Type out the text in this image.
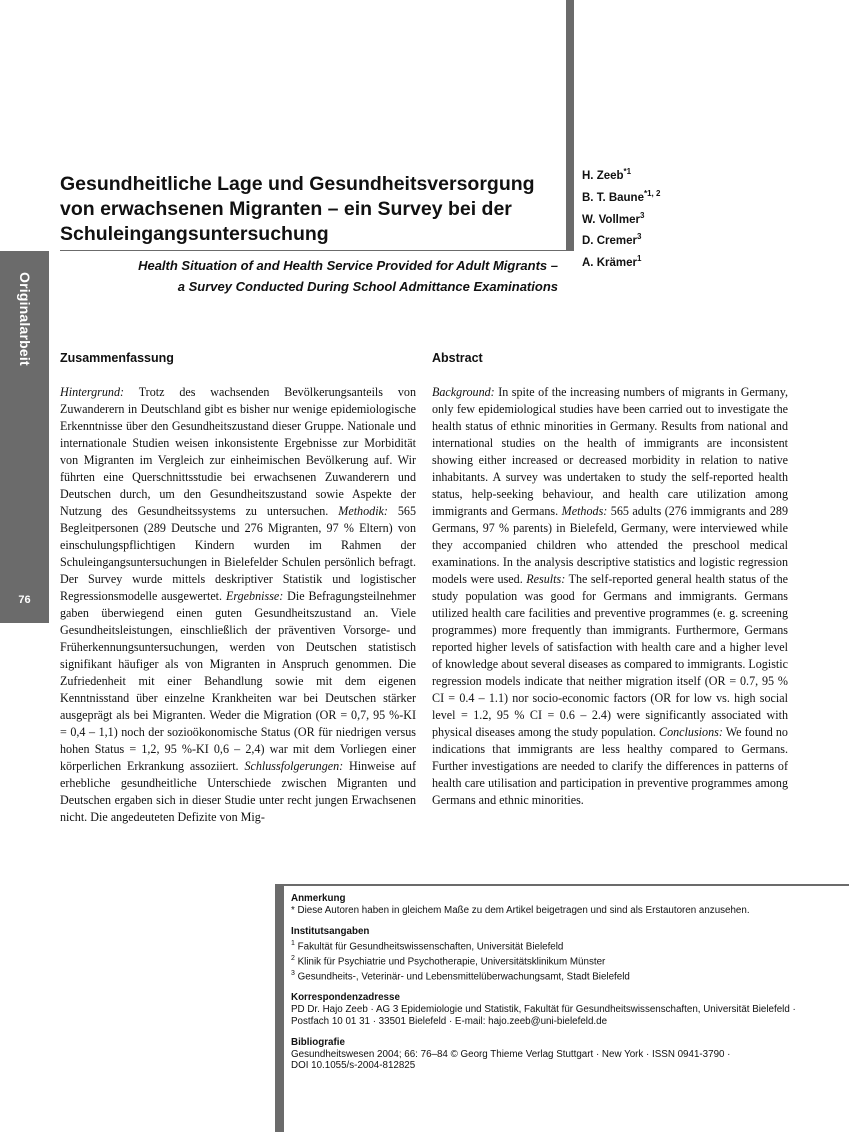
Originalarbeit
76
Gesundheitliche Lage und Gesundheitsversorgung von erwachsenen Migranten – ein Survey bei der Schuleingangsuntersuchung
H. Zeeb$^{*1}$
B. T. Baune$^{*1, 2}$
W. Vollmer$^3$
D. Cremer$^3$
A. Krämer$^1$
Health Situation of and Health Service Provided for Adult Migrants –
a Survey Conducted During School Admittance Examinations
Zusammenfassung

Hintergrund: Trotz des wachsenden Bevölkerungsanteils von Zuwanderern in Deutschland gibt es bisher nur wenige epidemiologische Erkenntnisse über den Gesundheitszustand dieser Gruppe. Nationale und internationale Studien weisen inkonsistente Ergebnisse zur Morbidität von Migranten im Vergleich zur einheimischen Bevölkerung auf. Wir führten eine Querschnittsstudie bei erwachsenen Zuwanderern und Deutschen durch, um den Gesundheitszustand sowie Aspekte der Nutzung des Gesundheitssystems zu untersuchen. Methodik: 565 Begleitpersonen (289 Deutsche und 276 Migranten, 97 % Eltern) von einschulungspflichtigen Kindern wurden im Rahmen der Schuleingangsuntersuchungen in Bielefelder Schulen persönlich befragt. Der Survey wurde mittels deskriptiver Statistik und logistischer Regressionsmodelle ausgewertet. Ergebnisse: Die Befragungsteilnehmer gaben überwiegend einen guten Gesundheitszustand an. Viele Gesundheitsleistungen, einschließlich der präventiven Vorsorge- und Früherkennungsuntersuchungen, werden von Deutschen statistisch signifikant häufiger als von Migranten in Anspruch genommen. Die Zufriedenheit mit einer Behandlung sowie mit dem eigenen Kenntnisstand über einzelne Krankheiten war bei Deutschen stärker ausgeprägt als bei Migranten. Weder die Migration (OR = 0,7, 95 %-KI = 0,4 – 1,1) noch der sozioökonomische Status (OR für niedrigen versus hohen Status = 1,2, 95 %-KI 0,6 – 2,4) war mit dem Vorliegen einer körperlichen Erkrankung assoziiert. Schlussfolgerungen: Hinweise auf erhebliche gesundheitliche Unterschiede zwischen Migranten und Deutschen ergaben sich in dieser Studie unter recht jungen Erwachsenen nicht. Die angedeuteten Defizite von Mig-

Abstract

Background: In spite of the increasing numbers of migrants in Germany, only few epidemiological studies have been carried out to investigate the health status of ethnic minorities in Germany. Results from national and international studies on the health of immigrants are inconsistent showing either increased or decreased morbidity in relation to native inhabitants. A survey was undertaken to study the self-reported health status, help-seeking behaviour, and health care utilization among immigrants and Germans. Methods: 565 adults (276 immigrants and 289 Germans, 97 % parents) in Bielefeld, Germany, were interviewed while they accompanied children who attended the preschool medical examinations. In the analysis descriptive statistics and logistic regression models were used. Results: The self-reported general health status of the study population was good for Germans and immigrants. Germans utilized health care facilities and preventive programmes (e. g. screening programmes) more frequently than immigrants. Furthermore, Germans reported higher levels of satisfaction with health care and a higher level of knowledge about several diseases as compared to immigrants. Logistic regression models indicate that neither migration itself (OR = 0.7, 95 % CI = 0.4 – 1.1) nor socio-economic factors (OR for low vs. high social level = 1.2, 95 % CI = 0.6 – 2.4) were significantly associated with physical diseases among the study population. Conclusions: We found no indications that immigrants are less healthy compared to Germans. Further investigations are needed to clarify the differences in patterns of health care utilisation and participation in preventive programmes among Germans and ethnic minorities.

Anmerkung
* Diese Autoren haben in gleichem Maße zu dem Artikel beigetragen und sind als Erstautoren anzusehen.
Institutsangaben
$^1$ Fakultät für Gesundheitswissenschaften, Universität Bielefeld
$^2$ Klinik für Psychiatrie und Psychotherapie, Universitätsklinikum Münster
$^3$ Gesundheits-, Veterinär- und Lebensmittelüberwachungsamt, Stadt Bielefeld
Korrespondenzadresse
PD Dr. Hajo Zeeb · AG 3 Epidemiologie und Statistik, Fakultät für Gesundheitswissenschaften, Universität Bielefeld · Postfach 10 01 31 · 33501 Bielefeld · E-mail: hajo.zeeb@uni-bielefeld.de
Bibliografie
Gesundheitswesen 2004; 66: 76–84 © Georg Thieme Verlag Stuttgart · New York · ISSN 0941-3790 ·
DOI 10.1055/s-2004-812825
